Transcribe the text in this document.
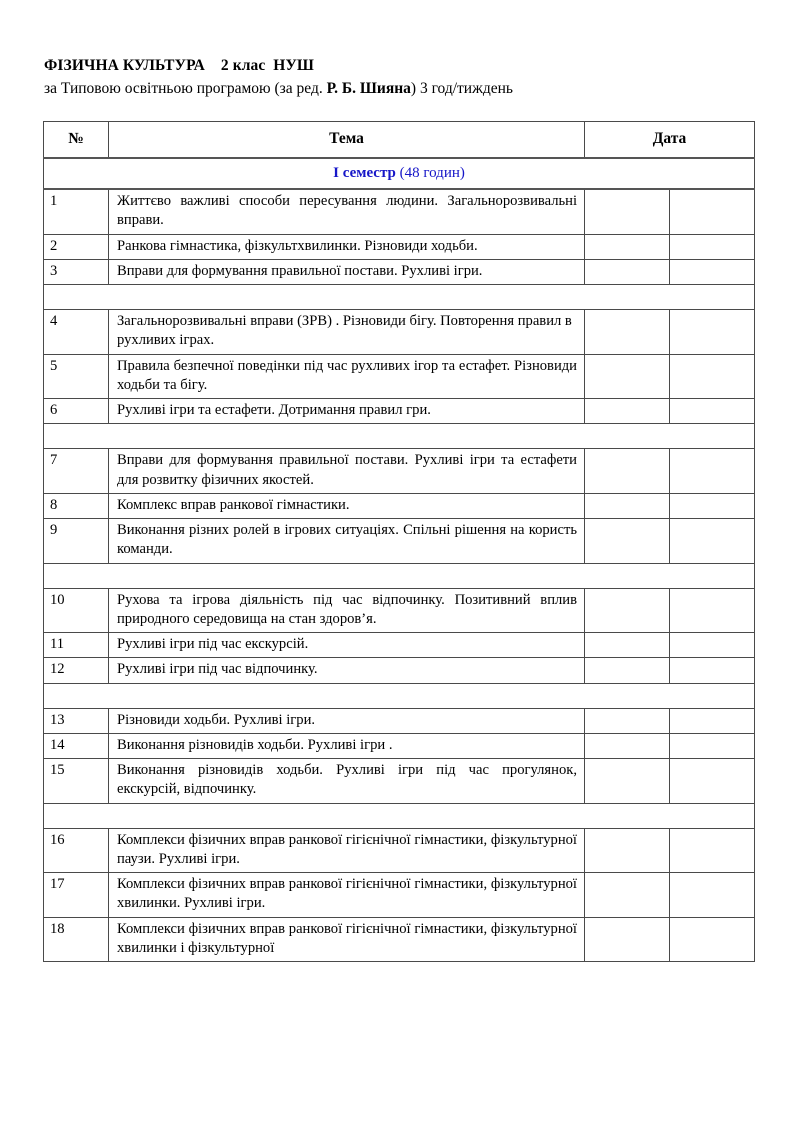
ФІЗИЧНА КУЛЬТУРА    2 клас  НУШ
за Типовою освітньою програмою (за ред. Р. Б. Шияна) 3 год/тиждень
№	Тема	Дата	
I семестр (48 годин)			
1	Життєво важливі способи пересування людини. Загальнорозвивальні вправи.		
2	Ранкова гімнастика, фізкультхвилинки. Різновиди ходьби.		
3	Вправи для формування правильної постави. Рухливі ігри.		

4	Загальнорозвивальні вправи (ЗРВ) . Різновиди бігу. Повторення правил в рухливих іграх.		
5	Правила безпечної поведінки під час рухливих ігор та естафет. Різновиди ходьби та бігу.		
6	Рухливі ігри та естафети. Дотримання правил гри.		

7	Вправи для формування правильної постави. Рухливі ігри та естафети для розвитку фізичних якостей.		
8	Комплекс вправ ранкової гімнастики.		
9	Виконання різних ролей в ігрових ситуаціях. Спільні рішення на користь команди.		

10	Рухова та ігрова діяльність під час відпочинку. Позитивний вплив природного середовища на стан здоров’я.		
11	Рухливі ігри під час екскурсій.		
12	Рухливі ігри під час відпочинку.		

13	Різновиди ходьби. Рухливі ігри.		
14	Виконання різновидів ходьби. Рухливі ігри .		
15	Виконання різновидів ходьби. Рухливі ігри під час прогулянок, екскурсій, відпочинку.		

16	Комплекси фізичних вправ ранкової гігієнічної гімнастики, фізкультурної паузи. Рухливі ігри.		
17	Комплекси фізичних вправ ранкової гігієнічної гімнастики, фізкультурної хвилинки. Рухливі ігри.		
18	Комплекси фізичних вправ ранкової гігієнічної гімнастики, фізкультурної хвилинки і фізкультурної		
